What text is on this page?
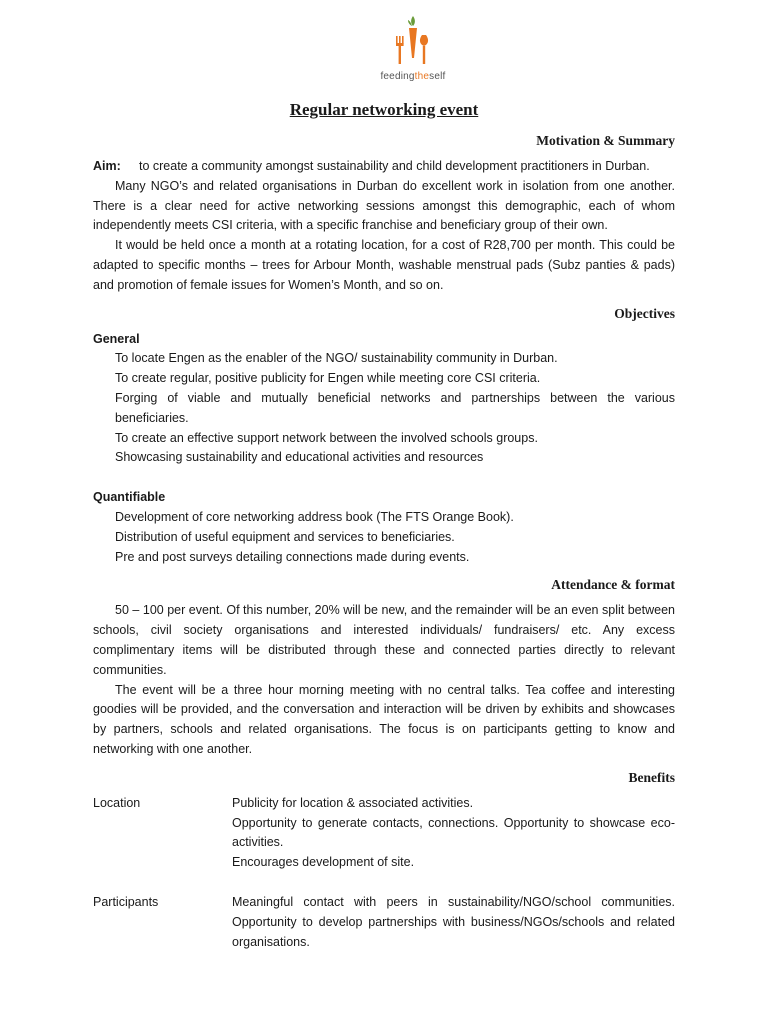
feedingtheself
Regular networking event
Motivation & Summary

Aim: to create a community amongst sustainability and child development practitioners in Durban.

Many NGO’s and related organisations in Durban do excellent work in isolation from one another. There is a clear need for active networking sessions amongst this demographic, each of whom independently meets CSI criteria, with a specific franchise and beneficiary group of their own.

It would be held once a month at a rotating location, for a cost of R28,700 per month. This could be adapted to specific months – trees for Arbour Month, washable menstrual pads (Subz panties & pads) and promotion of female issues for Women’s Month, and so on.

Objectives
General
To locate Engen as the enabler of the NGO/ sustainability community in Durban.
To create regular, positive publicity for Engen while meeting core CSI criteria.
Forging of viable and mutually beneficial networks and partnerships between the various beneficiaries.
To create an effective support network between the involved schools groups.
Showcasing sustainability and educational activities and resources
Quantifiable
Development of core networking address book (The FTS Orange Book).
Distribution of useful equipment and services to beneficiaries.
Pre and post surveys detailing connections made during events.
Attendance & format

50 – 100 per event. Of this number, 20% will be new, and the remainder will be an even split between schools, civil society organisations and interested individuals/ fundraisers/ etc. Any excess complimentary items will be distributed through these and connected parties directly to relevant communities.

The event will be a three hour morning meeting with no central talks. Tea coffee and interesting goodies will be provided, and the conversation and interaction will be driven by exhibits and showcases by partners, schools and related organisations. The focus is on participants getting to know and networking with one another.

Benefits
Location	Publicity for location & associated activities.
Opportunity to generate contacts, connections. Opportunity to showcase eco-activities.
Encourages development of site.
Participants	Meaningful contact with peers in sustainability/NGO/school communities. Opportunity to develop partnerships with business/NGOs/schools and related organisations.
